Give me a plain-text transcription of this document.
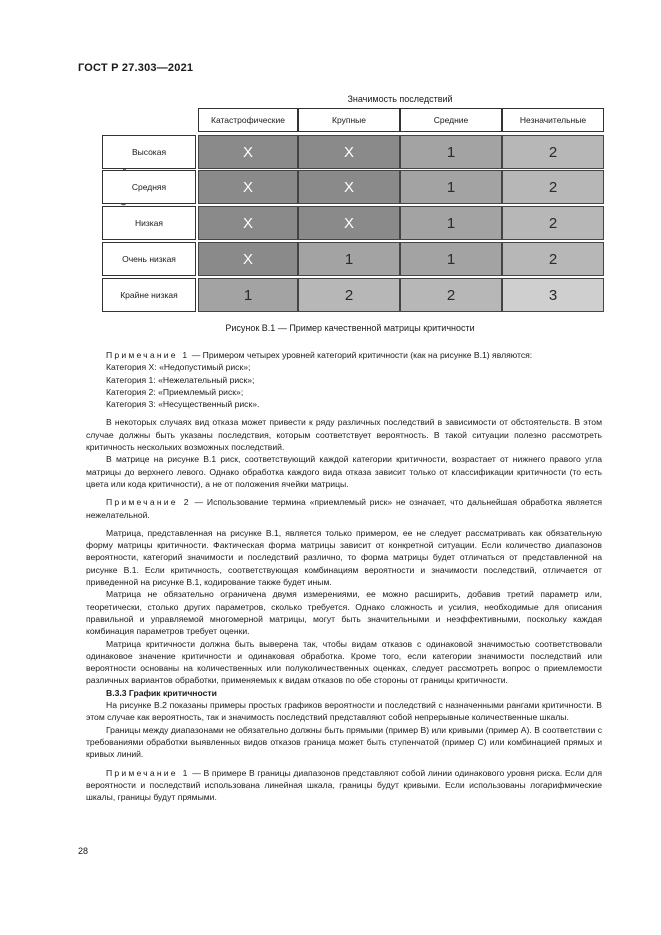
ГОСТ Р 27.303—2021
Значимость последствий
Катастрофические	Крупные	Средние	Незначительные
Высокая	X	X	1	2
Средняя	X	X	1	2
Низкая	X	X	1	2
Очень низкая	X	1	1	2
Крайне низкая	1	2	2	3
Рисунок В.1 — Пример качественной матрицы критичности

Примечание 1 — Примером четырех уровней категорий критичности (как на рисунке В.1) являются:

Категория X: «Недопустимый риск»;

Категория 1: «Нежелательный риск»;

Категория 2: «Приемлемый риск»;

Категория 3: «Несущественный риск».

В некоторых случаях вид отказа может привести к ряду различных последствий в зависимости от обстоятельств. В этом случае должны быть указаны последствия, которым соответствует вероятность. В такой ситуации полезно рассмотреть критичность нескольких возможных последствий.

В матрице на рисунке В.1 риск, соответствующий каждой категории критичности, возрастает от нижнего правого угла матрицы до верхнего левого. Однако обработка каждого вида отказа зависит только от классификации критичности (то есть цвета или кода критичности), а не от положения ячейки матрицы.

Примечание 2 — Использование термина «приемлемый риск» не означает, что дальнейшая обработка является нежелательной.

Матрица, представленная на рисунке В.1, является только примером, ее не следует рассматривать как обязательную форму матрицы критичности. Фактическая форма матрицы зависит от конкретной ситуации. Если количество диапазонов вероятности, категорий значимости и последствий различно, то форма матрицы будет отличаться от представленной на рисунке В.1. Если критичность, соответствующая комбинациям вероятности и значимости последствий, отличается от приведенной на рисунке В.1, кодирование также будет иным.

Матрица не обязательно ограничена двумя измерениями, ее можно расширить, добавив третий параметр или, теоретически, столько других параметров, сколько требуется. Однако сложность и усилия, необходимые для описания правильной и управляемой многомерной матрицы, могут быть значительными и неэффективными, поскольку каждая комбинация параметров требует оценки.

Матрица критичности должна быть выверена так, чтобы видам отказов с одинаковой значимостью соответствовали одинаковое значение критичности и одинаковая обработка. Кроме того, если категории значимости последствий или вероятности основаны на количественных или полуколичественных оценках, следует рассмотреть вопрос о приемлемости различных вариантов обработки, применяемых к видам отказов по обе стороны от границы критичности.

В.3.3 График критичности

На рисунке В.2 показаны примеры простых графиков вероятности и последствий с назначенными рангами критичности. В этом случае как вероятность, так и значимость последствий представляют собой непрерывные количественные шкалы.

Границы между диапазонами не обязательно должны быть прямыми (пример В) или кривыми (пример А). В соответствии с требованиями обработки выявленных видов отказов граница может быть ступенчатой (пример С) или комбинацией прямых и кривых линий.

Примечание 1 — В примере В границы диапазонов представляют собой линии одинакового уровня риска. Если для вероятности и последствий использована линейная шкала, границы будут кривыми. Если использованы логарифмические шкалы, границы будут прямыми.

28
